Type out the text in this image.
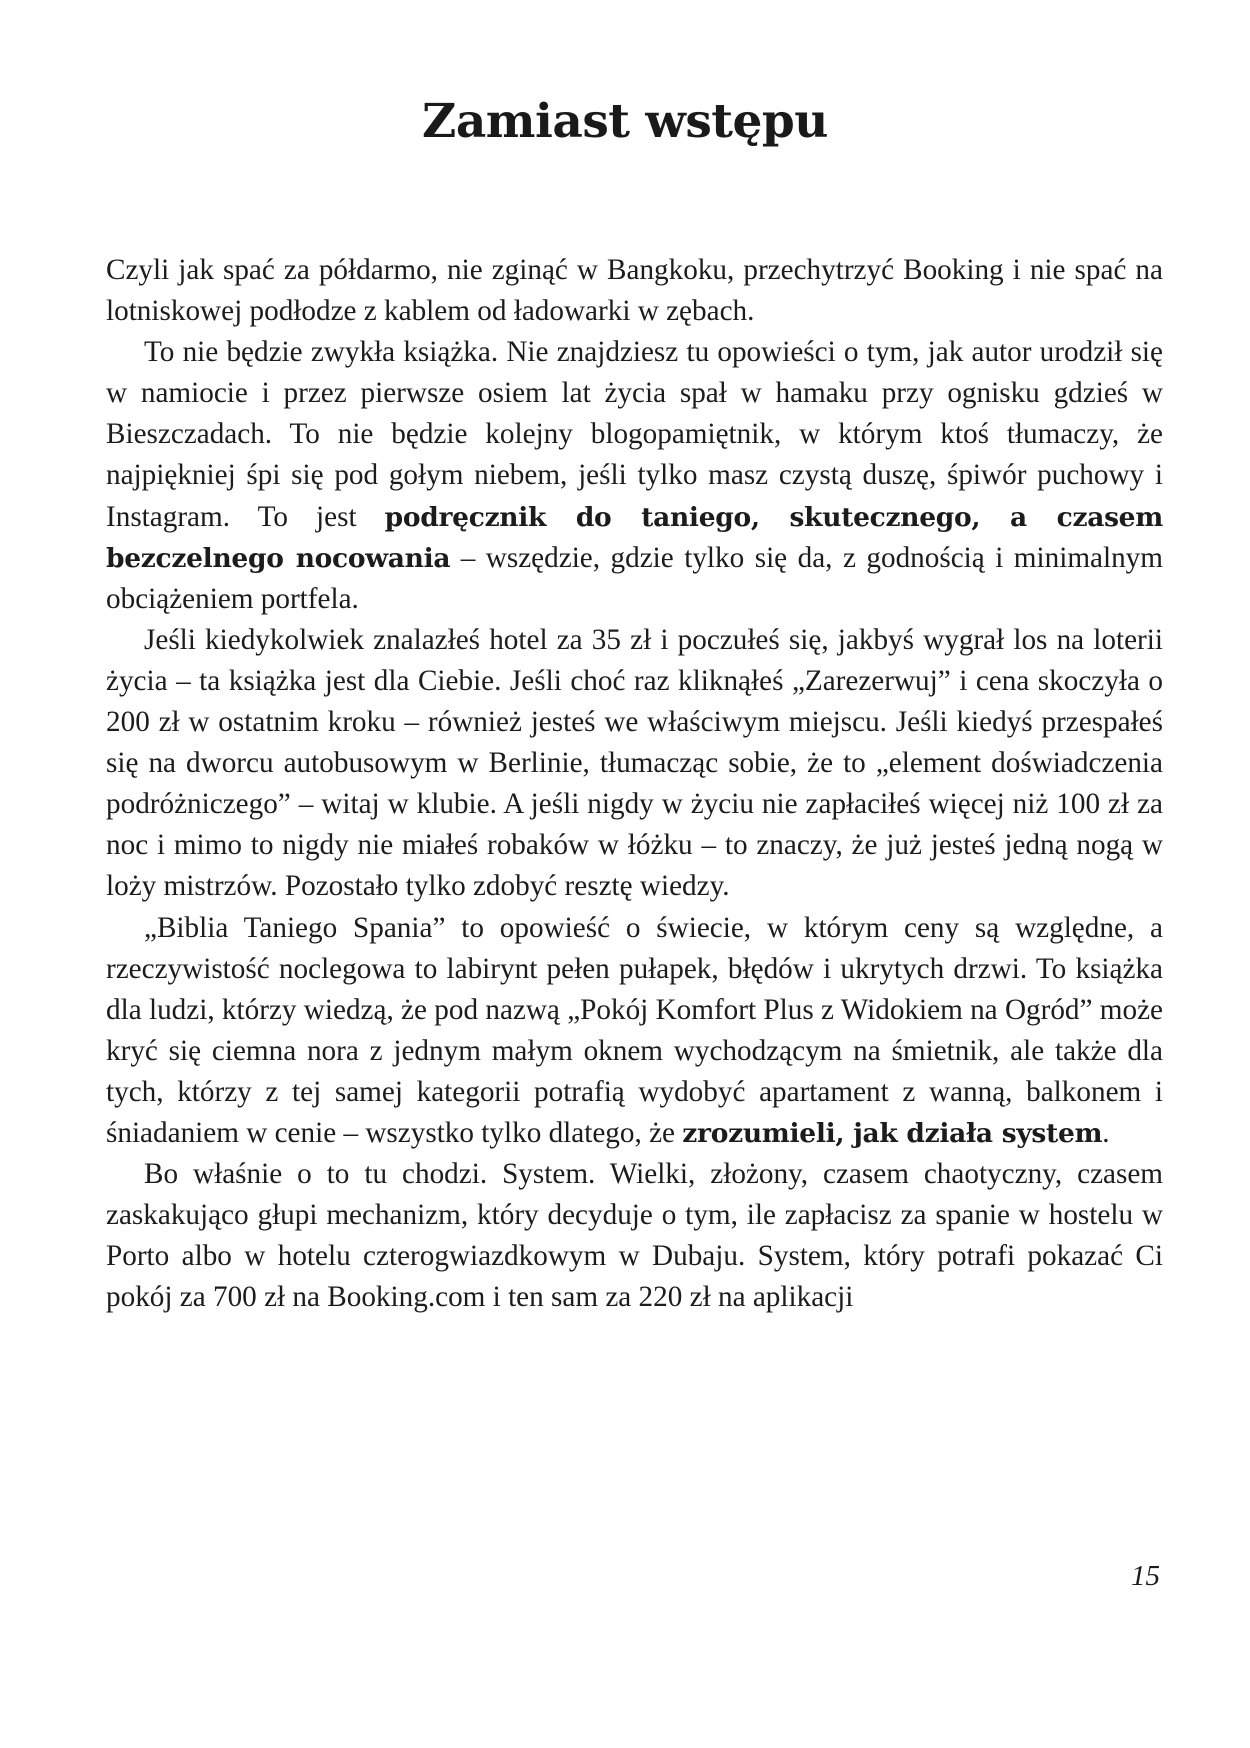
Zamiast wstępu

Czyli jak spać za półdarmo, nie zginąć w Bangkoku, przechytrzyć Booking i nie spać na lotniskowej podłodze z kablem od ładowarki w zębach.

To nie będzie zwykła książka. Nie znajdziesz tu opowieści o tym, jak autor urodził się w namiocie i przez pierwsze osiem lat życia spał w hamaku przy ognisku gdzieś w Bieszczadach. To nie będzie kolejny blogopamiętnik, w którym ktoś tłumaczy, że najpiękniej śpi się pod gołym niebem, jeśli tylko masz czystą duszę, śpiwór puchowy i Instagram. To jest podręcznik do taniego, skutecznego, a czasem bezczelnego nocowania – wszędzie, gdzie tylko się da, z godnością i minimalnym obciążeniem portfela.

Jeśli kiedykolwiek znalazłeś hotel za 35 zł i poczułeś się, jakbyś wygrał los na loterii życia – ta książka jest dla Ciebie. Jeśli choć raz kliknąłeś „Zarezerwuj” i cena skoczyła o 200 zł w ostatnim kroku – również jesteś we właściwym miejscu. Jeśli kiedyś przespałeś się na dworcu autobusowym w Berlinie, tłumacząc sobie, że to „element doświadczenia podróżniczego” – witaj w klubie. A jeśli nigdy w życiu nie zapłaciłeś więcej niż 100 zł za noc i mimo to nigdy nie miałeś robaków w łóżku – to znaczy, że już jesteś jedną nogą w loży mistrzów. Pozostało tylko zdobyć resztę wiedzy.

„Biblia Taniego Spania” to opowieść o świecie, w którym ceny są względne, a rzeczywistość noclegowa to labirynt pełen pułapek, błędów i ukrytych drzwi. To książka dla ludzi, którzy wiedzą, że pod nazwą „Pokój Komfort Plus z Widokiem na Ogród” może kryć się ciemna nora z jednym małym oknem wychodzącym na śmietnik, ale także dla tych, którzy z tej samej kategorii potrafią wydobyć apartament z wanną, balkonem i śniadaniem w cenie – wszystko tylko dlatego, że zrozumieli, jak działa system.

Bo właśnie o to tu chodzi. System. Wielki, złożony, czasem chaotyczny, czasem zaskakująco głupi mechanizm, który decyduje o tym, ile zapłacisz za spanie w hostelu w Porto albo w hotelu czterogwiazdkowym w Dubaju. System, który potrafi pokazać Ci pokój za 700 zł na Booking.com i ten sam za 220 zł na aplikacji

15
